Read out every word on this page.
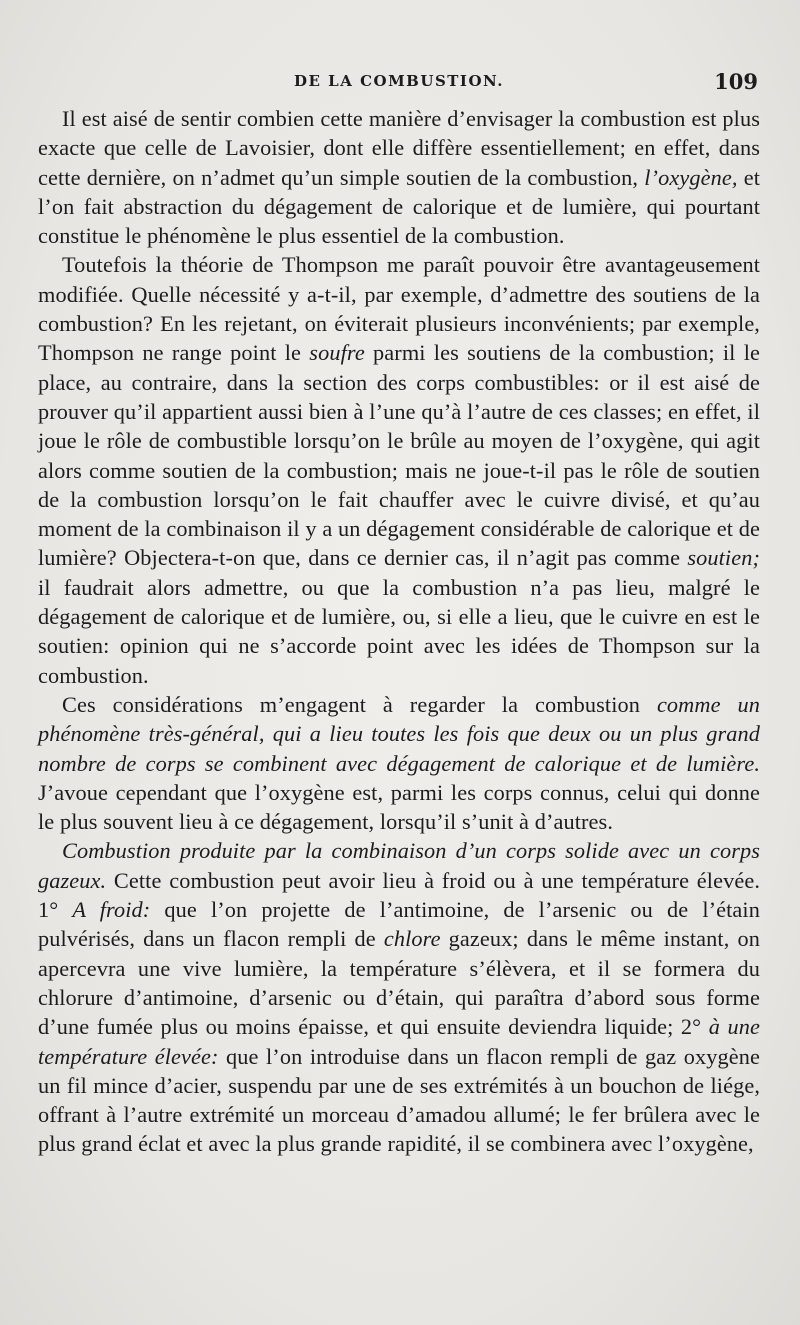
DE LA COMBUSTION.	109

Il est aisé de sentir combien cette manière d’envisager la combustion est plus exacte que celle de Lavoisier, dont elle diffère essentiellement; en effet, dans cette dernière, on n’admet qu’un simple soutien de la combustion, l’oxygène, et l’on fait abstraction du dégagement de calorique et de lumière, qui pourtant constitue le phénomène le plus essentiel de la combustion.

Toutefois la théorie de Thompson me paraît pouvoir être avantageusement modifiée. Quelle nécessité y a-t-il, par exemple, d’admettre des soutiens de la combustion? En les rejetant, on éviterait plusieurs inconvénients; par exemple, Thompson ne range point le soufre parmi les soutiens de la combustion; il le place, au contraire, dans la section des corps combustibles: or il est aisé de prouver qu’il appartient aussi bien à l’une qu’à l’autre de ces classes; en effet, il joue le rôle de combustible lorsqu’on le brûle au moyen de l’oxygène, qui agit alors comme soutien de la combustion; mais ne joue-t-il pas le rôle de soutien de la combustion lorsqu’on le fait chauffer avec le cuivre divisé, et qu’au moment de la combinaison il y a un dégagement considérable de calorique et de lumière? Objectera-t-on que, dans ce dernier cas, il n’agit pas comme soutien; il faudrait alors admettre, ou que la combustion n’a pas lieu, malgré le dégagement de calorique et de lumière, ou, si elle a lieu, que le cuivre en est le soutien: opinion qui ne s’accorde point avec les idées de Thompson sur la combustion.

Ces considérations m’engagent à regarder la combustion comme un phénomène très-général, qui a lieu toutes les fois que deux ou un plus grand nombre de corps se combinent avec dégagement de calorique et de lumière. J’avoue cependant que l’oxygène est, parmi les corps connus, celui qui donne le plus souvent lieu à ce dégagement, lorsqu’il s’unit à d’autres.

Combustion produite par la combinaison d’un corps solide avec un corps gazeux. Cette combustion peut avoir lieu à froid ou à une température élevée. 1° A froid: que l’on projette de l’antimoine, de l’arsenic ou de l’étain pulvérisés, dans un flacon rempli de chlore gazeux; dans le même instant, on apercevra une vive lumière, la température s’élèvera, et il se formera du chlorure d’antimoine, d’arsenic ou d’étain, qui paraîtra d’abord sous forme d’une fumée plus ou moins épaisse, et qui ensuite deviendra liquide; 2° à une température élevée: que l’on introduise dans un flacon rempli de gaz oxygène un fil mince d’acier, suspendu par une de ses extrémités à un bouchon de liége, offrant à l’autre extrémité un morceau d’amadou allumé; le fer brûlera avec le plus grand éclat et avec la plus grande rapidité, il se combinera avec l’oxygène,
